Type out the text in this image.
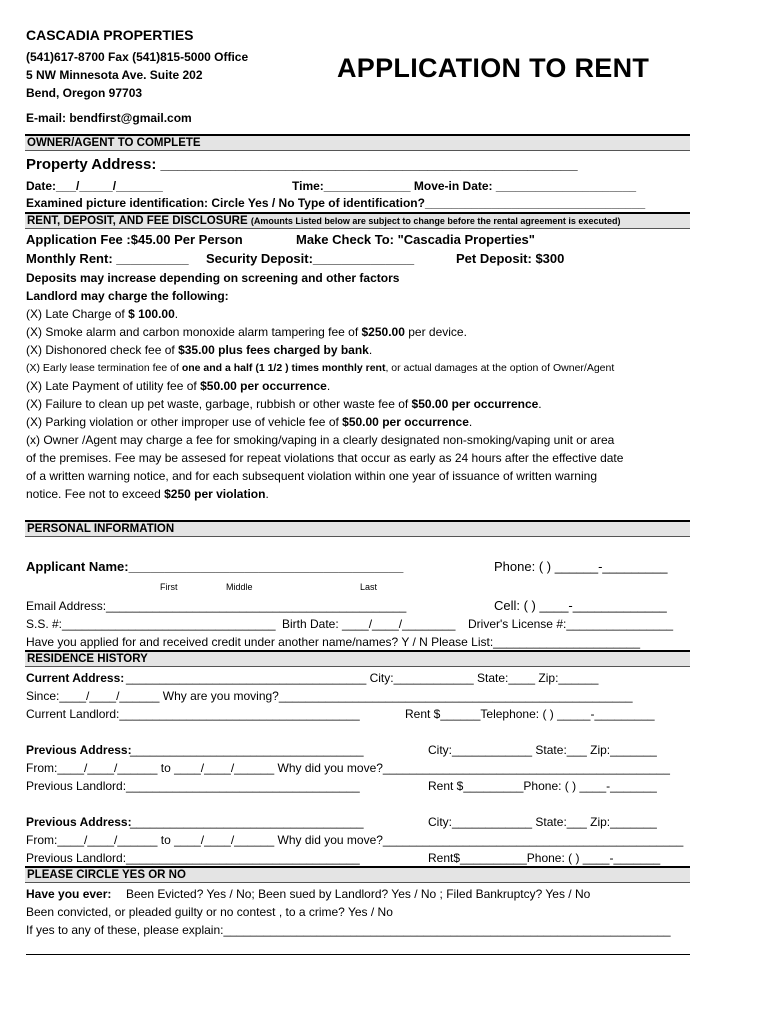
CASCADIA PROPERTIES
(541)617-8700 Fax (541)815-5000 Office
5 NW Minnesota Ave. Suite 202
Bend, Oregon 97703
E-mail: bendfirst@gmail.com
APPLICATION TO RENT
OWNER/AGENT TO COMPLETE
Property Address: __________________________________________________
Date:___/_____/_______	Time:_____________ Move-in Date: _____________________
Examined picture identification: Circle Yes / No Type of identification?_________________________________
RENT, DEPOSIT, AND FEE DISCLOSURE (Amounts Listed below are subject to change before the rental agreement is executed)
Application Fee :$45.00 Per Person	Make Check To: "Cascadia Properties"
Monthly Rent: __________ Security Deposit:______________	Pet Deposit: $300
Deposits may increase depending on screening and other factors
Landlord may charge the following:
(X) Late Charge of $ 100.00.
(X) Smoke alarm and carbon monoxide alarm tampering fee of $250.00 per device.
(X) Dishonored check fee of $35.00 plus fees charged by bank.
(X) Early lease termination fee of one and a half (1 1/2 ) times monthly rent, or actual damages at the option of Owner/Agent
(X) Late Payment of utility fee of $50.00 per occurrence.
(X) Failure to clean up pet waste, garbage, rubbish or other waste fee of $50.00 per occurrence.
(X) Parking violation or other improper use of vehicle fee of $50.00 per occurrence.
(x) Owner /Agent may charge a fee for smoking/vaping in a clearly designated non-smoking/vaping unit or area
of the premises. Fee may be assesed for repeat violations that occur as early as 24 hours after the effective date
of a written warning notice, and for each subsequent violation within one year of issuance of written warning
notice. Fee not to exceed $250 per violation.
PERSONAL INFORMATION
Applicant Name:______________________________________	Phone: ( ) ______-_________
First	Middle	Last
Email Address:_____________________________________________	Cell: ( ) ____-_____________
S.S. #:________________________________ Birth Date: ____/____/________ Driver's License #:________________
Have you applied for and received credit under another name/names? Y / N Please List:______________________
RESIDENCE HISTORY
Current Address: ____________________________________ City:____________ State:____ Zip:______
Since:____/____/______ Why are you moving?_____________________________________________________
Current Landlord:____________________________________	Rent $______Telephone: ( ) _____-_________
Previous Address:
___________________________________	City:____________ State:___ Zip:_______
From:____/____/______ to ____/____/______ Why did you move?___________________________________________
Previous Landlord:___________________________________	Rent $_________Phone: ( ) ____-_______
Previous Address:
___________________________________	City:____________ State:___ Zip:_______
From:____/____/______ to ____/____/______ Why did you move?_____________________________________________
Previous Landlord:___________________________________	Rent$__________Phone: ( ) ____-_______
PLEASE CIRCLE YES OR NO
Have you ever: Been Evicted? Yes / No; Been sued by Landlord? Yes / No ; Filed Bankruptcy? Yes / No
Been convicted, or pleaded guilty or no contest , to a crime? Yes / No
If yes to any of these, please explain:___________________________________________________________________
